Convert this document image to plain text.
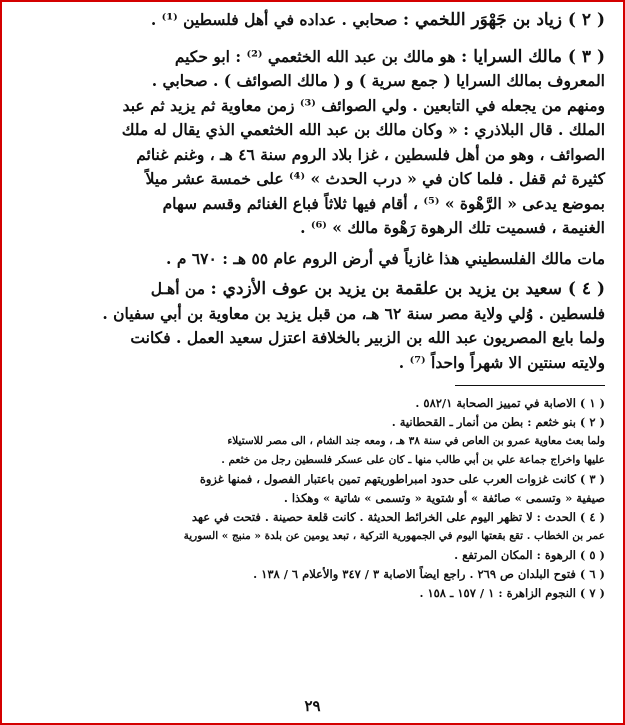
( ٢ ) زياد بن جَهْوَر اللخمي : صحابي . عداده في أهل فلسطين ⁽¹⁾ .

( ٣ ) مالك السرايا : هو مالك بن عبد الله الخثعمي ⁽²⁾ : ابو حكيم

المعروف بمالك السرايا ( جمع سرية ) و ( مالك الصوائف ) . صحابي .

ومنهم من يجعله في التابعين . ولي الصوائف ⁽³⁾ زمن معاوية ثم يزيد ثم عبد

الملك . قال البلاذري : « وكان مالك بن عبد الله الخثعمي الذي يقال له ملك

الصوائف ، وهو من أهل فلسطين ، غزا بلاد الروم سنة ٤٦ هـ ، وغنم غنائم

كثيرة ثم قفل . فلما كان في « درب الحدث » ⁽⁴⁾ على خمسة عشر ميلاً

بموضع يدعى « الرَّهْوة » ⁽⁵⁾ ، أقام فيها ثلاثاً فباع الغنائم وقسم سهام

الغنيمة ، فسميت تلك الرهوة رَهْوة مالك » ⁽⁶⁾ .

مات مالك الفلسطيني هذا غازياً في أرض الروم عام ٥٥ هـ : ٦٧٠ م .

( ٤ ) سعيد بن يزيد بن علقمة بن يزيد بن عوف الأزدي : من أهـل

فلسطين . وُلي ولاية مصر سنة ٦٢ هـ، من قبل يزيد بن معاوية بن أبي سفيان .

ولما بايع المصريون عبد الله بن الزبير بالخلافة اعتزل سعيد العمل . فكانت

ولايته سنتين الا شهراً واحداً ⁽⁷⁾ .

( ١ ) الاصابة في تمييز الصحابة ٥٨٢/١ .

( ٢ ) بنو خثعم : بطن من أنمار ـ القحطانية .

ولما بعث معاوية عمرو بن العاص في سنة ٣٨ هـ ، ومعه جند الشام ، الى مصر للاستيلاء

عليها واخراج جماعة علي بن أبي طالب منها ـ كان على عسكر فلسطين رجل من خثعم .

( ٣ ) كانت غزوات العرب على حدود امبراطوريتهم تمين باعتبار الفصول ، فمنها غزوة

صيفية « وتسمى » صائفة » أو شتوية « وتسمى » شاتية » وهكذا .

( ٤ ) الحدث : لا تظهر اليوم على الخرائط الحديثة . كانت قلعة حصينة . فتحت في عهد

عمر بن الخطاب . تقع بقعتها اليوم في الجمهورية التركية ، تبعد يومين عن بلدة « منبج » السورية

( ٥ ) الرهوة : المكان المرتفع .

( ٦ ) فتوح البلدان ص ٢٦٩ . راجع ايضاً الاصابة ٣ / ٣٤٧ والأعلام ٦ / ١٣٨ .

( ٧ ) النجوم الزاهرة : ١ / ١٥٧ ـ ١٥٨ .

٢٩
